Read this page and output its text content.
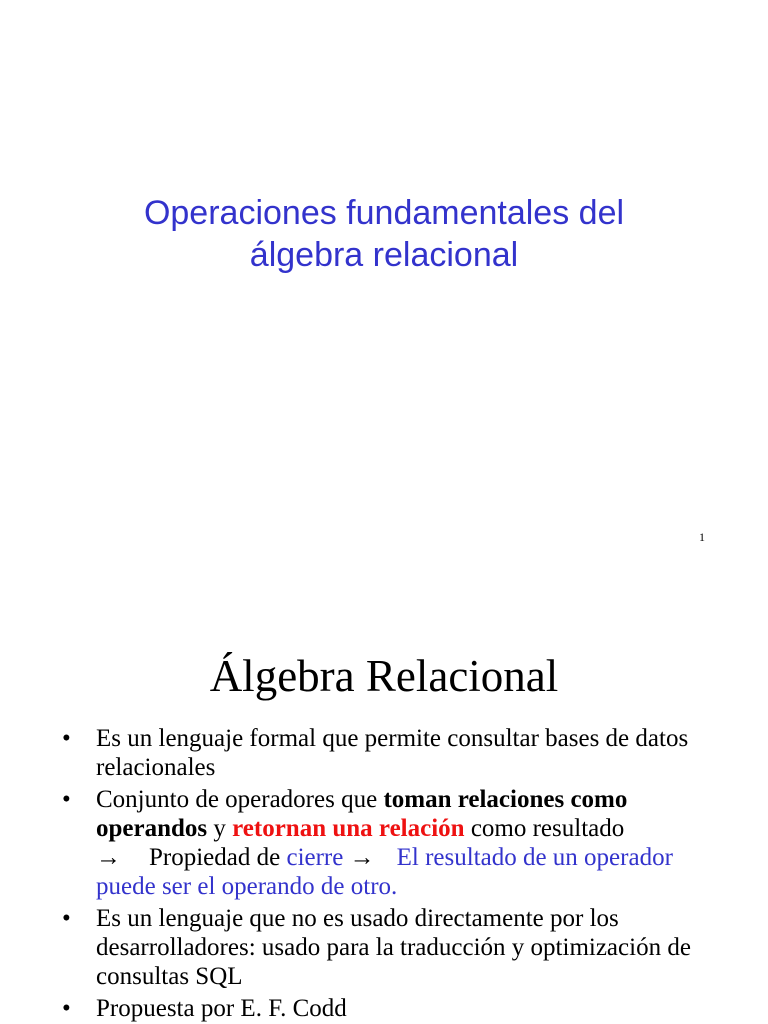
Operaciones fundamentales del
álgebra relacional
1
Álgebra Relacional
• Es un lenguaje formal que permite consultar bases de datos relacionales
• Conjunto de operadores que toman relaciones como operandos y retornan una relación como resultado
→ Propiedad de cierre → El resultado de un operador puede ser el operando de otro.
• Es un lenguaje que no es usado directamente por los desarrolladores: usado para la traducción y optimización de consultas SQL
• Propuesta por E. F. Codd
